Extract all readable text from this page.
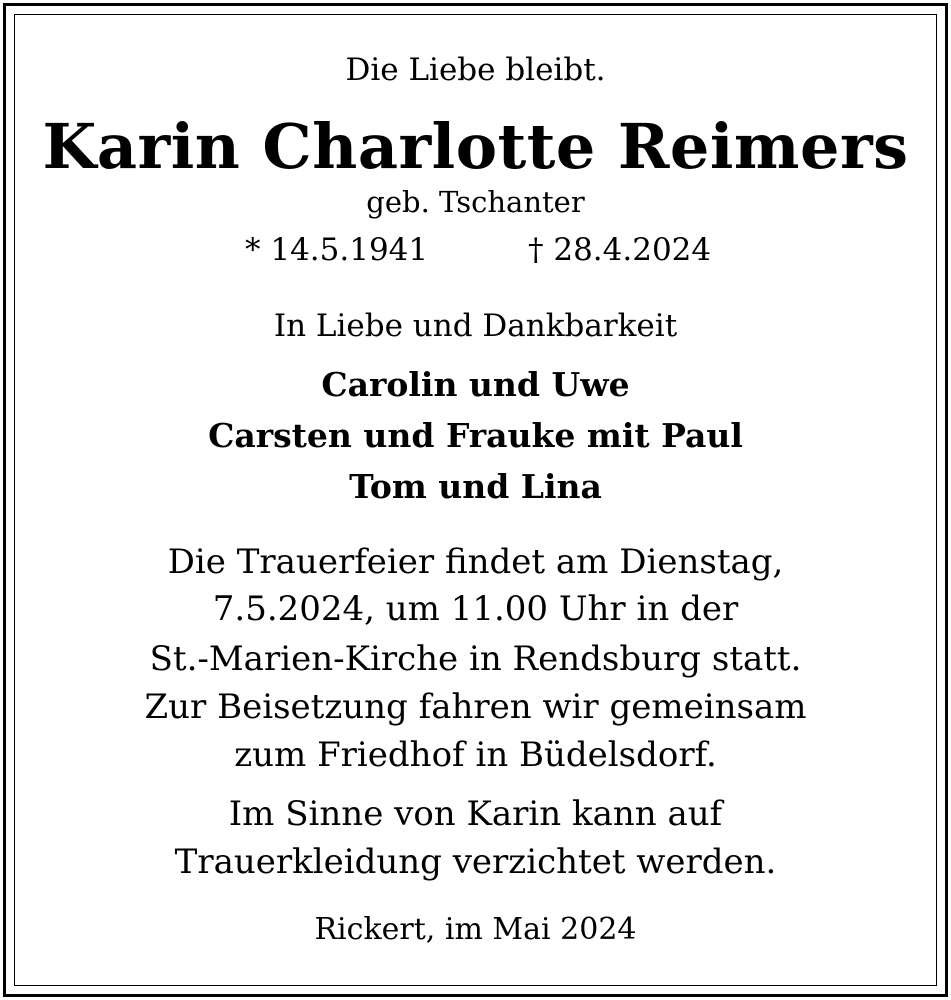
Die Liebe bleibt.

Karin Charlotte Reimers

geb. Tschanter

* 14.5.1941	† 28.4.2024

In Liebe und Dankbarkeit

Carolin und Uwe

Carsten und Frauke mit Paul

Tom und Lina

Die Trauerfeier findet am Dienstag,

7.5.2024, um 11.00 Uhr in der

St.-Marien-Kirche in Rendsburg statt.

Zur Beisetzung fahren wir gemeinsam

zum Friedhof in Büdelsdorf.

Im Sinne von Karin kann auf

Trauerkleidung verzichtet werden.

Rickert, im Mai 2024
